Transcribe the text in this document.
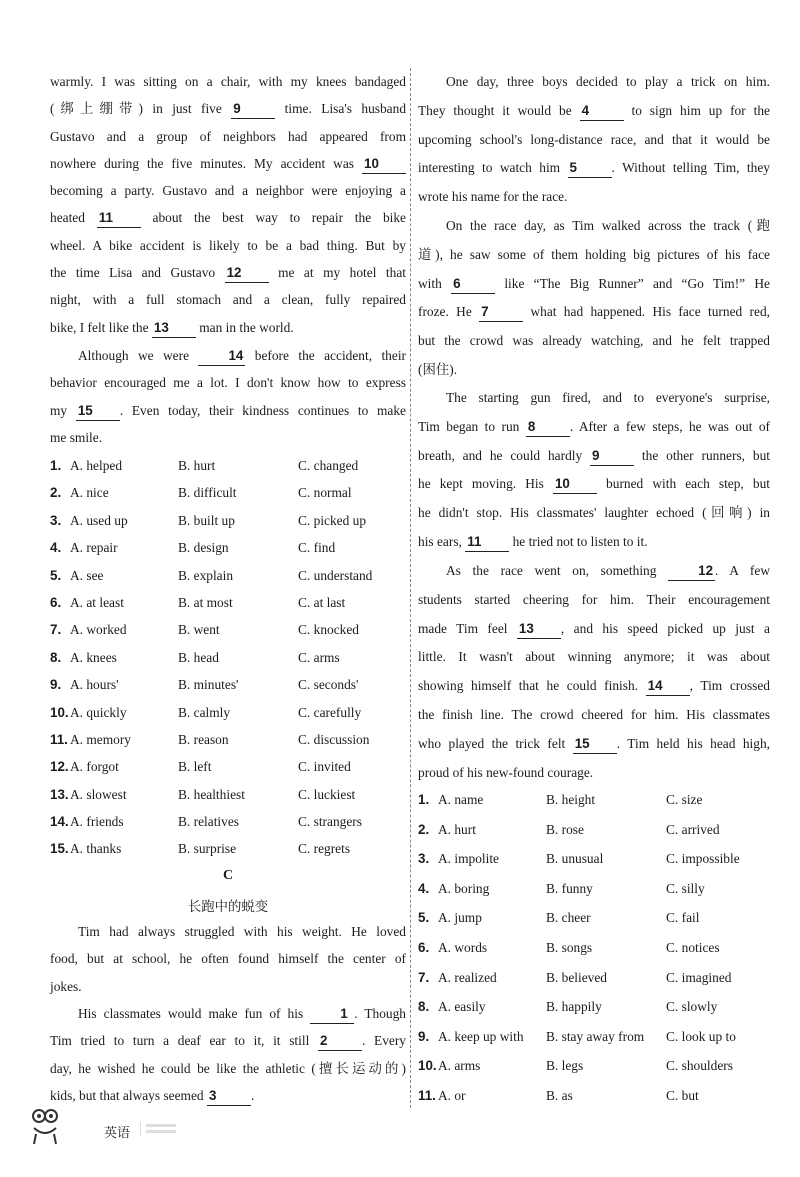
warmly. I was sitting on a chair, with my knees bandaged
(绑上绷带) in just five 9	time. Lisa's husband
Gustavo and a group of neighbors had appeared from
nowhere during the five minutes. My accident was 10
becoming a party. Gustavo and a neighbor were enjoying a
heated 11 about the best way to repair the bike
wheel. A bike accident is likely to be a bad thing. But by
the time Lisa and Gustavo 12 me at my hotel that
night, with a full stomach and a clean, fully repaired
bike, I felt like the 13 man in the world.
Although we were 14 before the accident, their
behavior encouraged me a lot. I don't know how to express
my 15 . Even today, their kindness continues to make
me smile.
1. A. helped	B. hurt	C. changed
2. A. nice	B. difficult	C. normal
3. A. used up	B. built up	C. picked up
4. A. repair	B. design	C. find
5. A. see	B. explain	C. understand
6. A. at least	B. at most	C. at last
7. A. worked	B. went	C. knocked
8. A. knees	B. head	C. arms
9. A. hours'	B. minutes'	C. seconds'
10. A. quickly	B. calmly	C. carefully
11. A. memory	B. reason	C. discussion
12. A. forgot	B. left	C. invited
13. A. slowest	B. healthiest	C. luckiest
14. A. friends	B. relatives	C. strangers
15. A. thanks	B. surprise	C. regrets
C
长跑中的蜕变
Tim had always struggled with his weight. He loved
food, but at school, he often found himself the center of
jokes.
His classmates would make fun of his 1 . Though
Tim tried to turn a deaf ear to it, it still 2	. Every
day, he wished he could be like the athletic (擅长运动的)
kids, but that always seemed 3	.
One day, three boys decided to play a trick on him.
They thought it would be 4	to sign him up for the
upcoming school's long-distance race, and that it would be
interesting to watch him 5	. Without telling Tim, they
wrote his name for the race.
On the race day, as Tim walked across the track (跑
道), he saw some of them holding big pictures of his face
with 6	like “The Big Runner” and “Go Tim!” He
froze. He 7	what had happened. His face turned red,
but the crowd was already watching, and he felt trapped
(困住).
The starting gun fired, and to everyone's surprise,
Tim began to run 8	. After a few steps, he was out of
breath, and he could hardly 9	the other runners, but
he kept moving. His 10 burned with each step, but
he didn't stop. His classmates' laughter echoed (回响) in
his ears, 11 he tried not to listen to it.
As the race went on, something 12 . A few
students started cheering for him. Their encouragement
made Tim feel 13 , and his speed picked up just a
little. It wasn't about winning anymore; it was about
showing himself that he could finish. 14 , Tim crossed
the finish line. The crowd cheered for him. His classmates
who played the trick felt 15 . Tim held his head high,
proud of his new-found courage.
1. A. name	B. height	C. size
2. A. hurt	B. rose	C. arrived
3. A. impolite	B. unusual	C. impossible
4. A. boring	B. funny	C. silly
5. A. jump	B. cheer	C. fail
6. A. words	B. songs	C. notices
7. A. realized	B. believed	C. imagined
8. A. easily	B. happily	C. slowly
9. A. keep up with B. stay away from C. look up to
10. A. arms	B. legs	C. shoulders
11. A. or	B. as	C. but
英语
